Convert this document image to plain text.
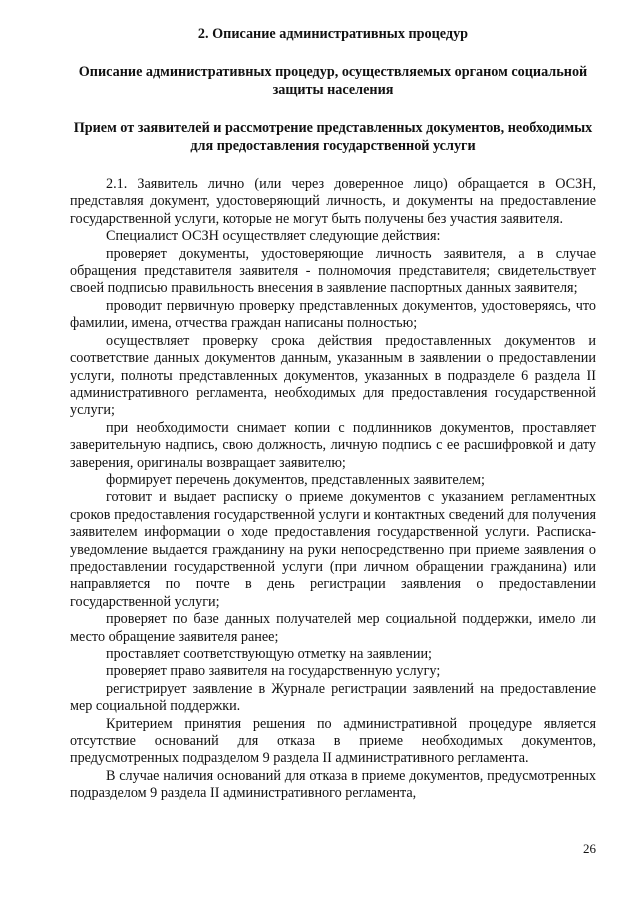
2. Описание административных процедур

Описание административных процедур, осуществляемых органом социальной защиты населения

Прием от заявителей и рассмотрение представленных документов, необходимых для предоставления государственной услуги

2.1. Заявитель лично (или через доверенное лицо) обращается в ОСЗН, представляя документ, удостоверяющий личность, и документы на предоставление государственной услуги, которые не могут быть получены без участия заявителя.

Специалист ОСЗН осуществляет следующие действия:

проверяет документы, удостоверяющие личность заявителя, а в случае обращения представителя заявителя - полномочия представителя; свидетельствует своей подписью правильность внесения в заявление паспортных данных заявителя;

проводит первичную проверку представленных документов, удостоверяясь, что фамилии, имена, отчества граждан написаны полностью;

осуществляет проверку срока действия предоставленных документов и соответствие данных документов данным, указанным в заявлении о предоставлении услуги, полноты представленных документов, указанных в подразделе 6 раздела II административного регламента, необходимых для предоставления государственной услуги;

при необходимости снимает копии с подлинников документов, проставляет заверительную надпись, свою должность, личную подпись с ее расшифровкой и дату заверения, оригиналы возвращает заявителю;

формирует перечень документов, представленных заявителем;

готовит и выдает расписку о приеме документов с указанием регламентных сроков предоставления государственной услуги и контактных сведений для получения заявителем информации о ходе предоставления государственной услуги. Расписка-уведомление выдается гражданину на руки непосредственно при приеме заявления о предоставлении государственной услуги (при личном обращении гражданина) или направляется по почте в день регистрации заявления о предоставлении государственной услуги;

проверяет по базе данных получателей мер социальной поддержки, имело ли место обращение заявителя ранее;

проставляет соответствующую отметку на заявлении;

проверяет право заявителя на государственную услугу;

регистрирует заявление в Журнале регистрации заявлений на предоставление мер социальной поддержки.

Критерием принятия решения по административной процедуре является отсутствие оснований для отказа в приеме необходимых документов, предусмотренных подразделом 9 раздела II административного регламента.

В случае наличия оснований для отказа в приеме документов, предусмотренных подразделом 9 раздела II административного регламента,

26
